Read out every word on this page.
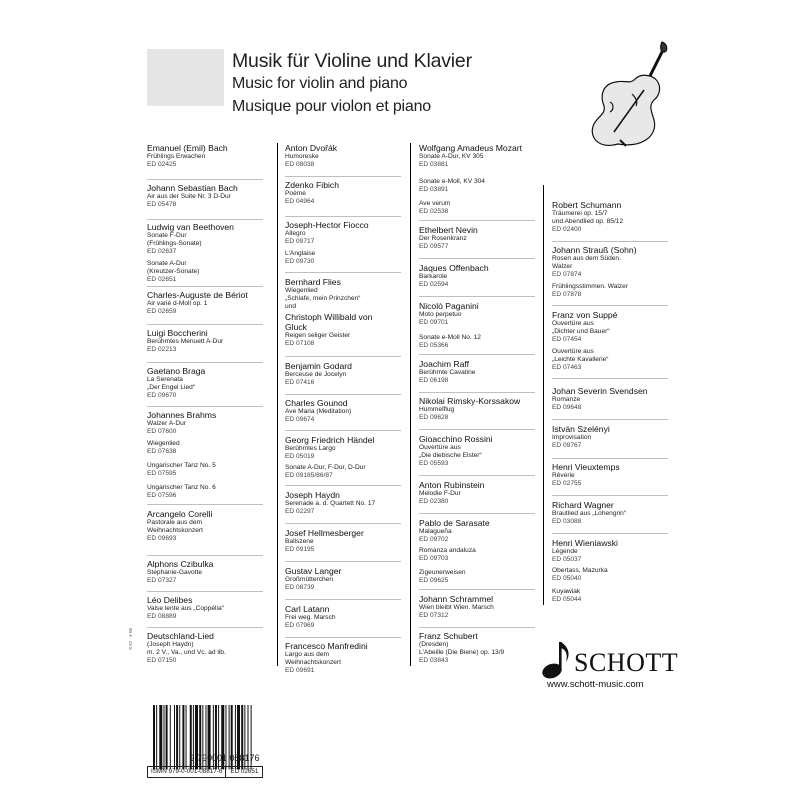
Musik für Violine und Klavier
Music for violin and piano
Musique pour violon et piano
Emanuel (Emil) Bach
Frühlings Erwachen
ED 02425
Johann Sebastian Bach
Air aus der Suite Nr. 3 D-Dur
ED 05478
Ludwig van Beethoven
Sonate F-Dur
(Frühlings-Sonate)
ED 02637
Sonate A-Dur
(Kreutzer-Sonate)
ED 02651
Charles-Auguste de Bériot
Air varié d-Moll op. 1
ED 02659
Luigi Boccherini
Berühmtes Menuett A-Dur
ED 02213
Gaetano Braga
La Serenata
„Der Engel Lied“
ED 09670
Johannes Brahms
Walzer A-Dur
ED 07600
Wiegenlied
ED 07638
Ungarischer Tanz No. 5
ED 07595
Ungarischer Tanz No. 6
ED 07596
Arcangelo Corelli
Pastorale aus dem
Weihnachtskonzert
ED 09693
Alphons Czibulka
Stephanie-Gavotte
ED 07327
Léo Delibes
Valse lente aus „Coppélia“
ED 08889
Deutschland-Lied
(Joseph Haydn)
m. 2 V., Va., und Vc. ad lib.
ED 07150
Anton Dvořák
Humoreske
ED 08038
Zdenko Fibich
Poème
ED 04964
Joseph-Hector Fiocco
Allegro
ED 09717
L'Anglaise
ED 09730
Bernhard Flies
Wiegenlied
„Schlafe, mein Prinzchen“
und
Christoph Willibald von Gluck
Reigen seliger Geister
ED 07108
Benjamin Godard
Berceuse de Jocelyn
ED 07416
Charles Gounod
Ave Maria (Meditation)
ED 09674
Georg Friedrich Händel
Berühmtes Largo
ED 05019
Sonate A-Dur, F-Dur, D-Dur
ED 09185/86/87
Joseph Haydn
Serenade a. d. Quartett No. 17
ED 02297
Josef Hellmesberger
Ballszene
ED 09195
Gustav Langer
Großmütterchen
ED 08739
Carl Latann
Frei weg. Marsch
ED 07969
Francesco Manfredini
Largo aus dem
Weihnachtskonzert
ED 09691
Wolfgang Amadeus Mozart
Sonate A-Dur, KV 305
ED 03881
Sonate e-Moll, KV 304
ED 03891
Ave verum
ED 02538
Ethelbert Nevin
Der Rosenkranz
ED 09577
Jaques Offenbach
Barkarole
ED 02594
Nicolò Paganini
Moto perpetuo
ED 09701
Sonate e-Moll No. 12
ED 05366
Joachim Raff
Berühmte Cavatine
ED 06198
Nikolai Rimsky-Korssakow
Hummelflug
ED 09628
Gioacchino Rossini
Ouvertüre aus
„Die diebische Elster“
ED 05593
Anton Rubinstein
Melodie F-Dur
ED 02380
Pablo de Sarasate
Malagueña
ED 09702
Romanza andaluza
ED 09703
Zigeunerweisen
ED 09625
Johann Schrammel
Wien bleibt Wien. Marsch
ED 07312
Franz Schubert
(Dresden)
L'Abeille (Die Biene) op. 13/9
ED 03843
Robert Schumann
Träumerei op. 15/7
und Abendlied op. 85/12
ED 02400
Johann Strauß (Sohn)
Rosen aus dem Süden.
Walzer
ED 07874
Frühlingsstimmen. Walzer
ED 07878
Franz von Suppé
Ouvertüre aus
„Dichter und Bauer“
ED 07454
Ouvertüre aus
„Leichte Kavallerie“
ED 07463
Johan Severin Svendsen
Romanze
ED 09648
István Szelényi
Improvisation
ED 09767
Henri Vieuxtemps
Rêverie
ED 02755
Richard Wagner
Brautlied aus „Lohengrin“
ED 03088
Henri Wieniawski
Légende
ED 05037
Obertass, Mazurka
ED 05040
Kuyawiak
ED 05044
SCHOTT
www.schott-music.com
9 790001 088176
ISMN 979-0-001-08817-6	ED 02651
S 67 · 6 06
